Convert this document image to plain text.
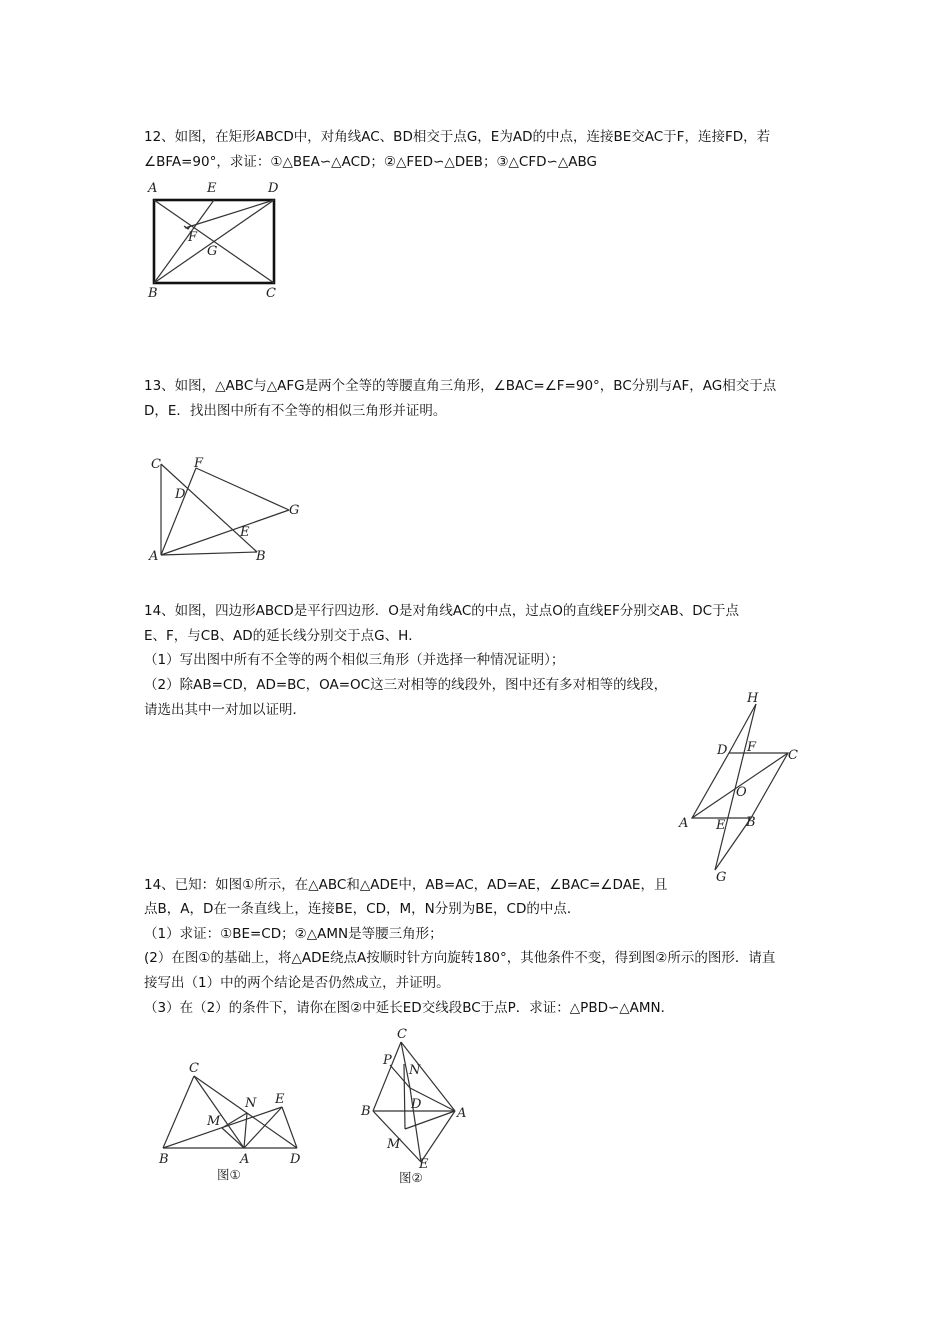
12、如图，在矩形ABCD中，对角线AC、BD相交于点G，E为AD的中点，连接BE交AC于F，连接FD，若
∠BFA=90°，求证：①△BEA∽△ACD；②△FED∽△DEB；③△CFD∽△ABG
A	E	D
F
G
B	C
13、如图，△ABC与△AFG是两个全等的等腰直角三角形，∠BAC=∠F=90°，BC分别与AF，AG相交于点
D，E．找出图中所有不全等的相似三角形并证明。
C	F
D
G
E
A	B
14、如图，四边形ABCD是平行四边形．O是对角线AC的中点，过点O的直线EF分别交AB、DC于点
E、F，与CB、AD的延长线分别交于点G、H．
（1）写出图中所有不全等的两个相似三角形（并选择一种情况证明）；
（2）除AB=CD，AD=BC，OA=OC这三对相等的线段外，图中还有多对相等的线段，
请选出其中一对加以证明．
H
D F
C
O
A E B
G
14、已知：如图①所示，在△ABC和△ADE中，AB=AC，AD=AE，∠BAC=∠DAE，且
点B，A，D在一条直线上，连接BE，CD，M，N分别为BE，CD的中点．
（1）求证：①BE=CD；②△AMN是等腰三角形；
(2）在图①的基础上，将△ADE绕点A按顺时针方向旋转180°，其他条件不变，得到图②所示的图形．请直
接写出（1）中的两个结论是否仍然成立，并证明。
（3）在（2）的条件下，请你在图②中延长ED交线段BC于点P．求证：△PBD∽△AMN．
C
N E
M
B	A	D
图①
C
P
N
D
B	A
M
E
图②
